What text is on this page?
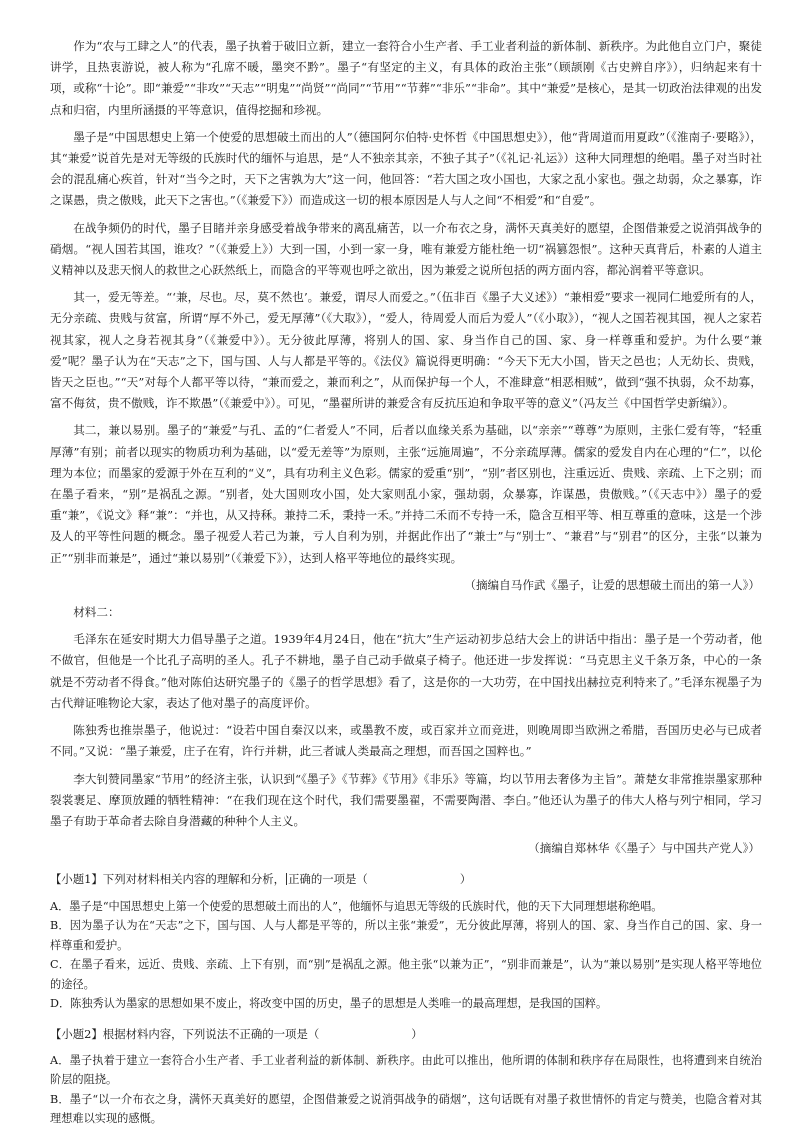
作为“农与工肆之人”的代表，墨子执着于破旧立新，建立一套符合小生产者、手工业者利益的新体制、新秩序。为此他自立门户，聚徒讲学，且热衷游说，被人称为“孔席不暖，墨突不黔”。墨子“有坚定的主义，有具体的政治主张”（顾颉刚《古史辨自序》），归纳起来有十项，或称“十论”。即“兼爱”“非攻”“天志”“明鬼”“尚贤”“尚同”“节用”“节葬”“非乐”“非命”。其中“兼爱”是核心，是其一切政治法律观的出发点和归宿，内里所涵摄的平等意识，值得挖掘和珍视。

墨子是“中国思想史上第一个使爱的思想破土而出的人”（德国阿尔伯特·史怀哲《中国思想史》），他“背周道而用夏政”（《淮南子·要略》），其“兼爱”说首先是对无等级的氏族时代的缅怀与追思，是“人不独亲其亲，不独子其子”（《礼记·礼运》）这种大同理想的绝唱。墨子对当时社会的混乱痛心疾首，针对“当今之时，天下之害孰为大”这一问，他回答：“若大国之攻小国也，大家之乱小家也。强之劫弱，众之暴寡，诈之谋愚，贵之傲贱，此天下之害也。”（《兼爱下》）而造成这一切的根本原因是人与人之间“不相爱”和“自爱”。

在战争频仍的时代，墨子目睹并亲身感受着战争带来的离乱痛苦，以一介布衣之身，满怀天真美好的愿望，企图借兼爱之说消弭战争的硝烟。“视人国若其国，谁攻？”（《兼爱上》）大到一国，小到一家一身，唯有兼爱方能杜绝一切“祸篡怨恨”。这种天真背后，朴素的人道主义精神以及悲天悯人的救世之心跃然纸上，而隐含的平等观也呼之欲出，因为兼爱之说所包括的两方面内容，都沁润着平等意识。

其一，爱无等差。“‘兼，尽也。尽，莫不然也’。兼爱，谓尽人而爱之。”（伍非百《墨子大义述》）“兼相爱”要求一视同仁地爱所有的人，无分亲疏、贵贱与贫富，所谓“厚不外己，爱无厚薄”（《大取》），“爱人，待周爱人而后为爱人”（《小取》），“视人之国若视其国，视人之家若视其家，视人之身若视其身”（《兼爱中》）。无分彼此厚薄，将别人的国、家、身当作自己的国、家、身一样尊重和爱护。为什么要“兼爱”呢？墨子认为在“天志”之下，国与国、人与人都是平等的。《法仪》篇说得更明确：“今天下无大小国，皆天之邑也；人无幼长、贵贱，皆天之臣也。”“天”对每个人都平等以待，“兼而爱之，兼而利之”，从而保护每一个人，不准肆意“相恶相贼”，做到“强不执弱，众不劫寡，富不侮贫，贵不傲贱，诈不欺愚”（《兼爱中》）。可见，“墨翟所讲的兼爱含有反抗压迫和争取平等的意义”（冯友兰《中国哲学史新编》）。

其二，兼以易别。墨子的“兼爱”与孔、孟的“仁者爱人”不同，后者以血缘关系为基础，以“亲亲”“尊尊”为原则，主张仁爱有等，“轻重厚薄”有别；前者以现实的物质功利为基础，以“爱无差等”为原则，主张“远施周遍”，不分亲疏厚薄。儒家的爱发自内在心理的“仁”，以伦理为本位；而墨家的爱源于外在互利的“义”，具有功利主义色彩。儒家的爱重“别”，“别”者区别也，注重远近、贵贱、亲疏、上下之别；而在墨子看来，“别”是祸乱之源。“别者，处大国则攻小国，处大家则乱小家，强劫弱，众暴寡，诈谋愚，贵傲贱。”（《天志中》）墨子的爱重“兼”，《说文》释“兼”：“并也，从又持秝。兼持二禾，秉持一禾。”并持二禾而不专持一禾，隐含互相平等、相互尊重的意味，这是一个涉及人的平等性问题的概念。墨子视爱人若己为兼，亏人自利为别，并据此作出了“兼士”与“别士”、“兼君”与“别君”的区分，主张“以兼为正”“别非而兼是”，通过“兼以易别”（《兼爱下》），达到人格平等地位的最终实现。

（摘编自马作武《墨子，让爱的思想破土而出的第一人》）

材料二：

毛泽东在延安时期大力倡导墨子之道。1939年4月24日，他在“抗大”生产运动初步总结大会上的讲话中指出：墨子是一个劳动者，他不做官，但他是一个比孔子高明的圣人。孔子不耕地，墨子自己动手做桌子椅子。他还进一步发挥说：“马克思主义千条万条，中心的一条就是不劳动者不得食。”他对陈伯达研究墨子的《墨子的哲学思想》看了，这是你的一大功劳，在中国找出赫拉克利特来了。”毛泽东视墨子为古代辩证唯物论大家，表达了他对墨子的高度评价。

陈独秀也推崇墨子，他说过：“设若中国自秦汉以来，或墨教不废，或百家并立而竞进，则晚周即当欧洲之希腊，吾国历史必与已成者不同。”又说：“墨子兼爱，庄子在宥，许行并耕，此三者诚人类最高之理想，而吾国之国粹也。”

李大钊赞同墨家“节用”的经济主张，认识到“《墨子》《节葬》《节用》《非乐》等篇，均以节用去奢侈为主旨”。萧楚女非常推崇墨家那种裂裳裹足、摩顶放踵的牺牲精神：“在我们现在这个时代，我们需要墨翟，不需要陶潜、李白。”他还认为墨子的伟大人格与列宁相同，学习墨子有助于革命者去除自身潜藏的种种个人主义。

（摘编自郑林华《〈墨子〉与中国共产党人》）

【小题1】下列对材料相关内容的理解和分析， 正确的一项是（	）

A．墨子是“中国思想史上第一个使爱的思想破土而出的人”，他缅怀与追思无等级的氏族时代，他的天下大同理想堪称绝唱。

B．因为墨子认为在“天志”之下，国与国、人与人都是平等的，所以主张“兼爱”，无分彼此厚薄，将别人的国、家、身当作自己的国、家、身一样尊重和爱护。

C．在墨子看来，远近、贵贱、亲疏、上下有别，而“别”是祸乱之源。他主张“以兼为正”，“别非而兼是”，认为“兼以易别”是实现人格平等地位的途径。

D．陈独秀认为墨家的思想如果不废止，将改变中国的历史，墨子的思想是人类唯一的最高理想，是我国的国粹。

【小题2】根据材料内容，下列说法不正确的一项是（	）

A．墨子执着于建立一套符合小生产者、手工业者利益的新体制、新秩序。由此可以推出，他所谓的体制和秩序存在局限性，也将遭到来自统治阶层的阻挠。

B．墨子“以一介布衣之身，满怀天真美好的愿望，企图借兼爱之说消弭战争的硝烟”，这句话既有对墨子救世情怀的肯定与赞美，也隐含着对其理想难以实现的感慨。
